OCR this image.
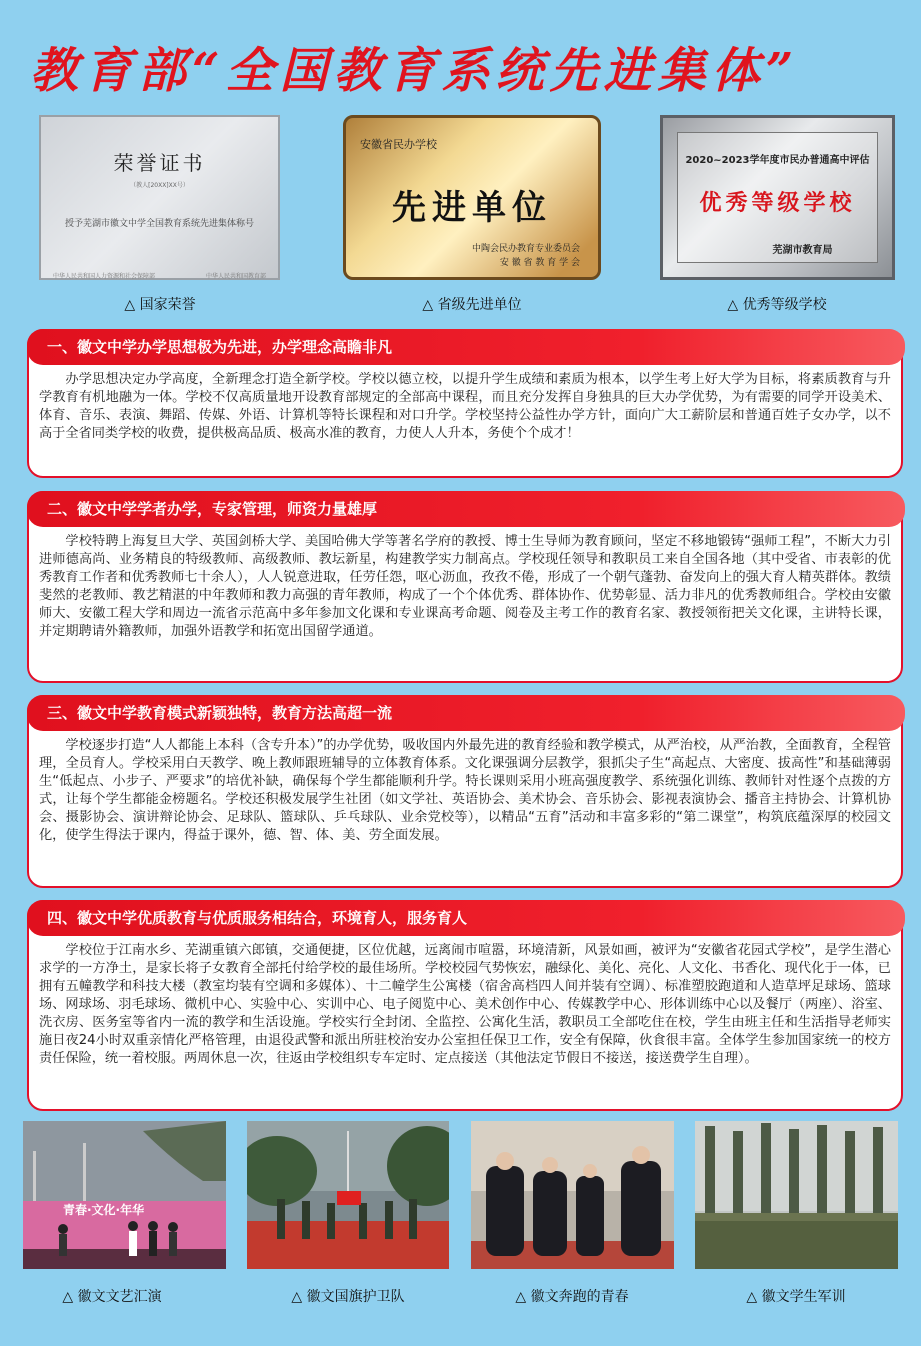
教育部“全国教育系统先进集体”
荣誉证书
（教人[20XX]XX号）
授予芜湖市徽文中学全国教育系统先进集体称号
中华人民共和国人力资源和社会保障部	中华人民共和国教育部
△ 国家荣誉
安徽省民办学校
先进单位
中陶会民办教育专业委员会
安 徽 省 教 育 学 会
△ 省级先进单位
2020~2023学年度市民办普通高中评估
优秀等级学校
芜湖市教育局
△ 优秀等级学校
一、徽文中学办学思想极为先进，办学理念高瞻非凡
办学思想决定办学高度，全新理念打造全新学校。学校以德立校，以提升学生成绩和素质为根本，以学生考上好大学为目标，将素质教育与升学教育有机地融为一体。学校不仅高质量地开设教育部规定的全部高中课程，而且充分发挥自身独具的巨大办学优势，为有需要的同学开设美术、体育、音乐、表演、舞蹈、传媒、外语、计算机等特长课程和对口升学。学校坚持公益性办学方针，面向广大工薪阶层和普通百姓子女办学，以不高于全省同类学校的收费，提供极高品质、极高水准的教育，力使人人升本，务使个个成才！
二、徽文中学学者办学，专家管理，师资力量雄厚
学校特聘上海复旦大学、英国剑桥大学、美国哈佛大学等著名学府的教授、博士生导师为教育顾问，坚定不移地锻铸“强师工程”，不断大力引进师德高尚、业务精良的特级教师、高级教师、教坛新星，构建教学实力制高点。学校现任领导和教职员工来自全国各地（其中受省、市表彰的优秀教育工作者和优秀教师七十余人），人人锐意进取，任劳任怨，呕心沥血，孜孜不倦，形成了一个朝气蓬勃、奋发向上的强大育人精英群体。教绩斐然的老教师、教艺精湛的中年教师和教力高强的青年教师，构成了一个个体优秀、群体协作、优势彰显、活力非凡的优秀教师组合。学校由安徽师大、安徽工程大学和周边一流省示范高中多年参加文化课和专业课高考命题、阅卷及主考工作的教育名家、教授领衔把关文化课，主讲特长课，并定期聘请外籍教师，加强外语教学和拓宽出国留学通道。
三、徽文中学教育模式新颖独特，教育方法高超一流
学校逐步打造“人人都能上本科（含专升本）”的办学优势，吸收国内外最先进的教育经验和教学模式，从严治校，从严治教，全面教育，全程管理，全员育人。学校采用白天教学、晚上教师跟班辅导的立体教育体系。文化课强调分层教学，狠抓尖子生“高起点、大密度、拔高性”和基础薄弱生“低起点、小步子、严要求”的培优补缺，确保每个学生都能顺利升学。特长课则采用小班高强度教学、系统强化训练、教师针对性逐个点拨的方式，让每个学生都能金榜题名。学校还积极发展学生社团（如文学社、英语协会、美术协会、音乐协会、影视表演协会、播音主持协会、计算机协会、摄影协会、演讲辩论协会、足球队、篮球队、乒乓球队、业余党校等），以精品“五育”活动和丰富多彩的“第二课堂”，构筑底蕴深厚的校园文化，使学生得法于课内，得益于课外，德、智、体、美、劳全面发展。
四、徽文中学优质教育与优质服务相结合，环境育人，服务育人
学校位于江南水乡、芜湖重镇六郎镇，交通便捷，区位优越，远离闹市喧嚣，环境清新，风景如画，被评为“安徽省花园式学校”，是学生潜心求学的一方净土，是家长将子女教育全部托付给学校的最佳场所。学校校园气势恢宏，融绿化、美化、亮化、人文化、书香化、现代化于一体，已拥有五幢教学和科技大楼（教室均装有空调和多媒体）、十二幢学生公寓楼（宿舍高档四人间并装有空调）、标准塑胶跑道和人造草坪足球场、篮球场、网球场、羽毛球场、微机中心、实验中心、实训中心、电子阅览中心、美术创作中心、传媒教学中心、形体训练中心以及餐厅（两座）、浴室、洗衣房、医务室等省内一流的教学和生活设施。学校实行全封闭、全监控、公寓化生活，教职员工全部吃住在校，学生由班主任和生活指导老师实施日夜24小时双重亲情化严格管理，由退役武警和派出所驻校治安办公室担任保卫工作，安全有保障，伙食很丰富。全体学生参加国家统一的校方责任保险，统一着校服。两周休息一次，往返由学校组织专车定时、定点接送（其他法定节假日不接送，接送费学生自理）。
青春·文化·年华
△ 徽文文艺汇演	△ 徽文国旗护卫队	△ 徽文奔跑的青春	△ 徽文学生军训
